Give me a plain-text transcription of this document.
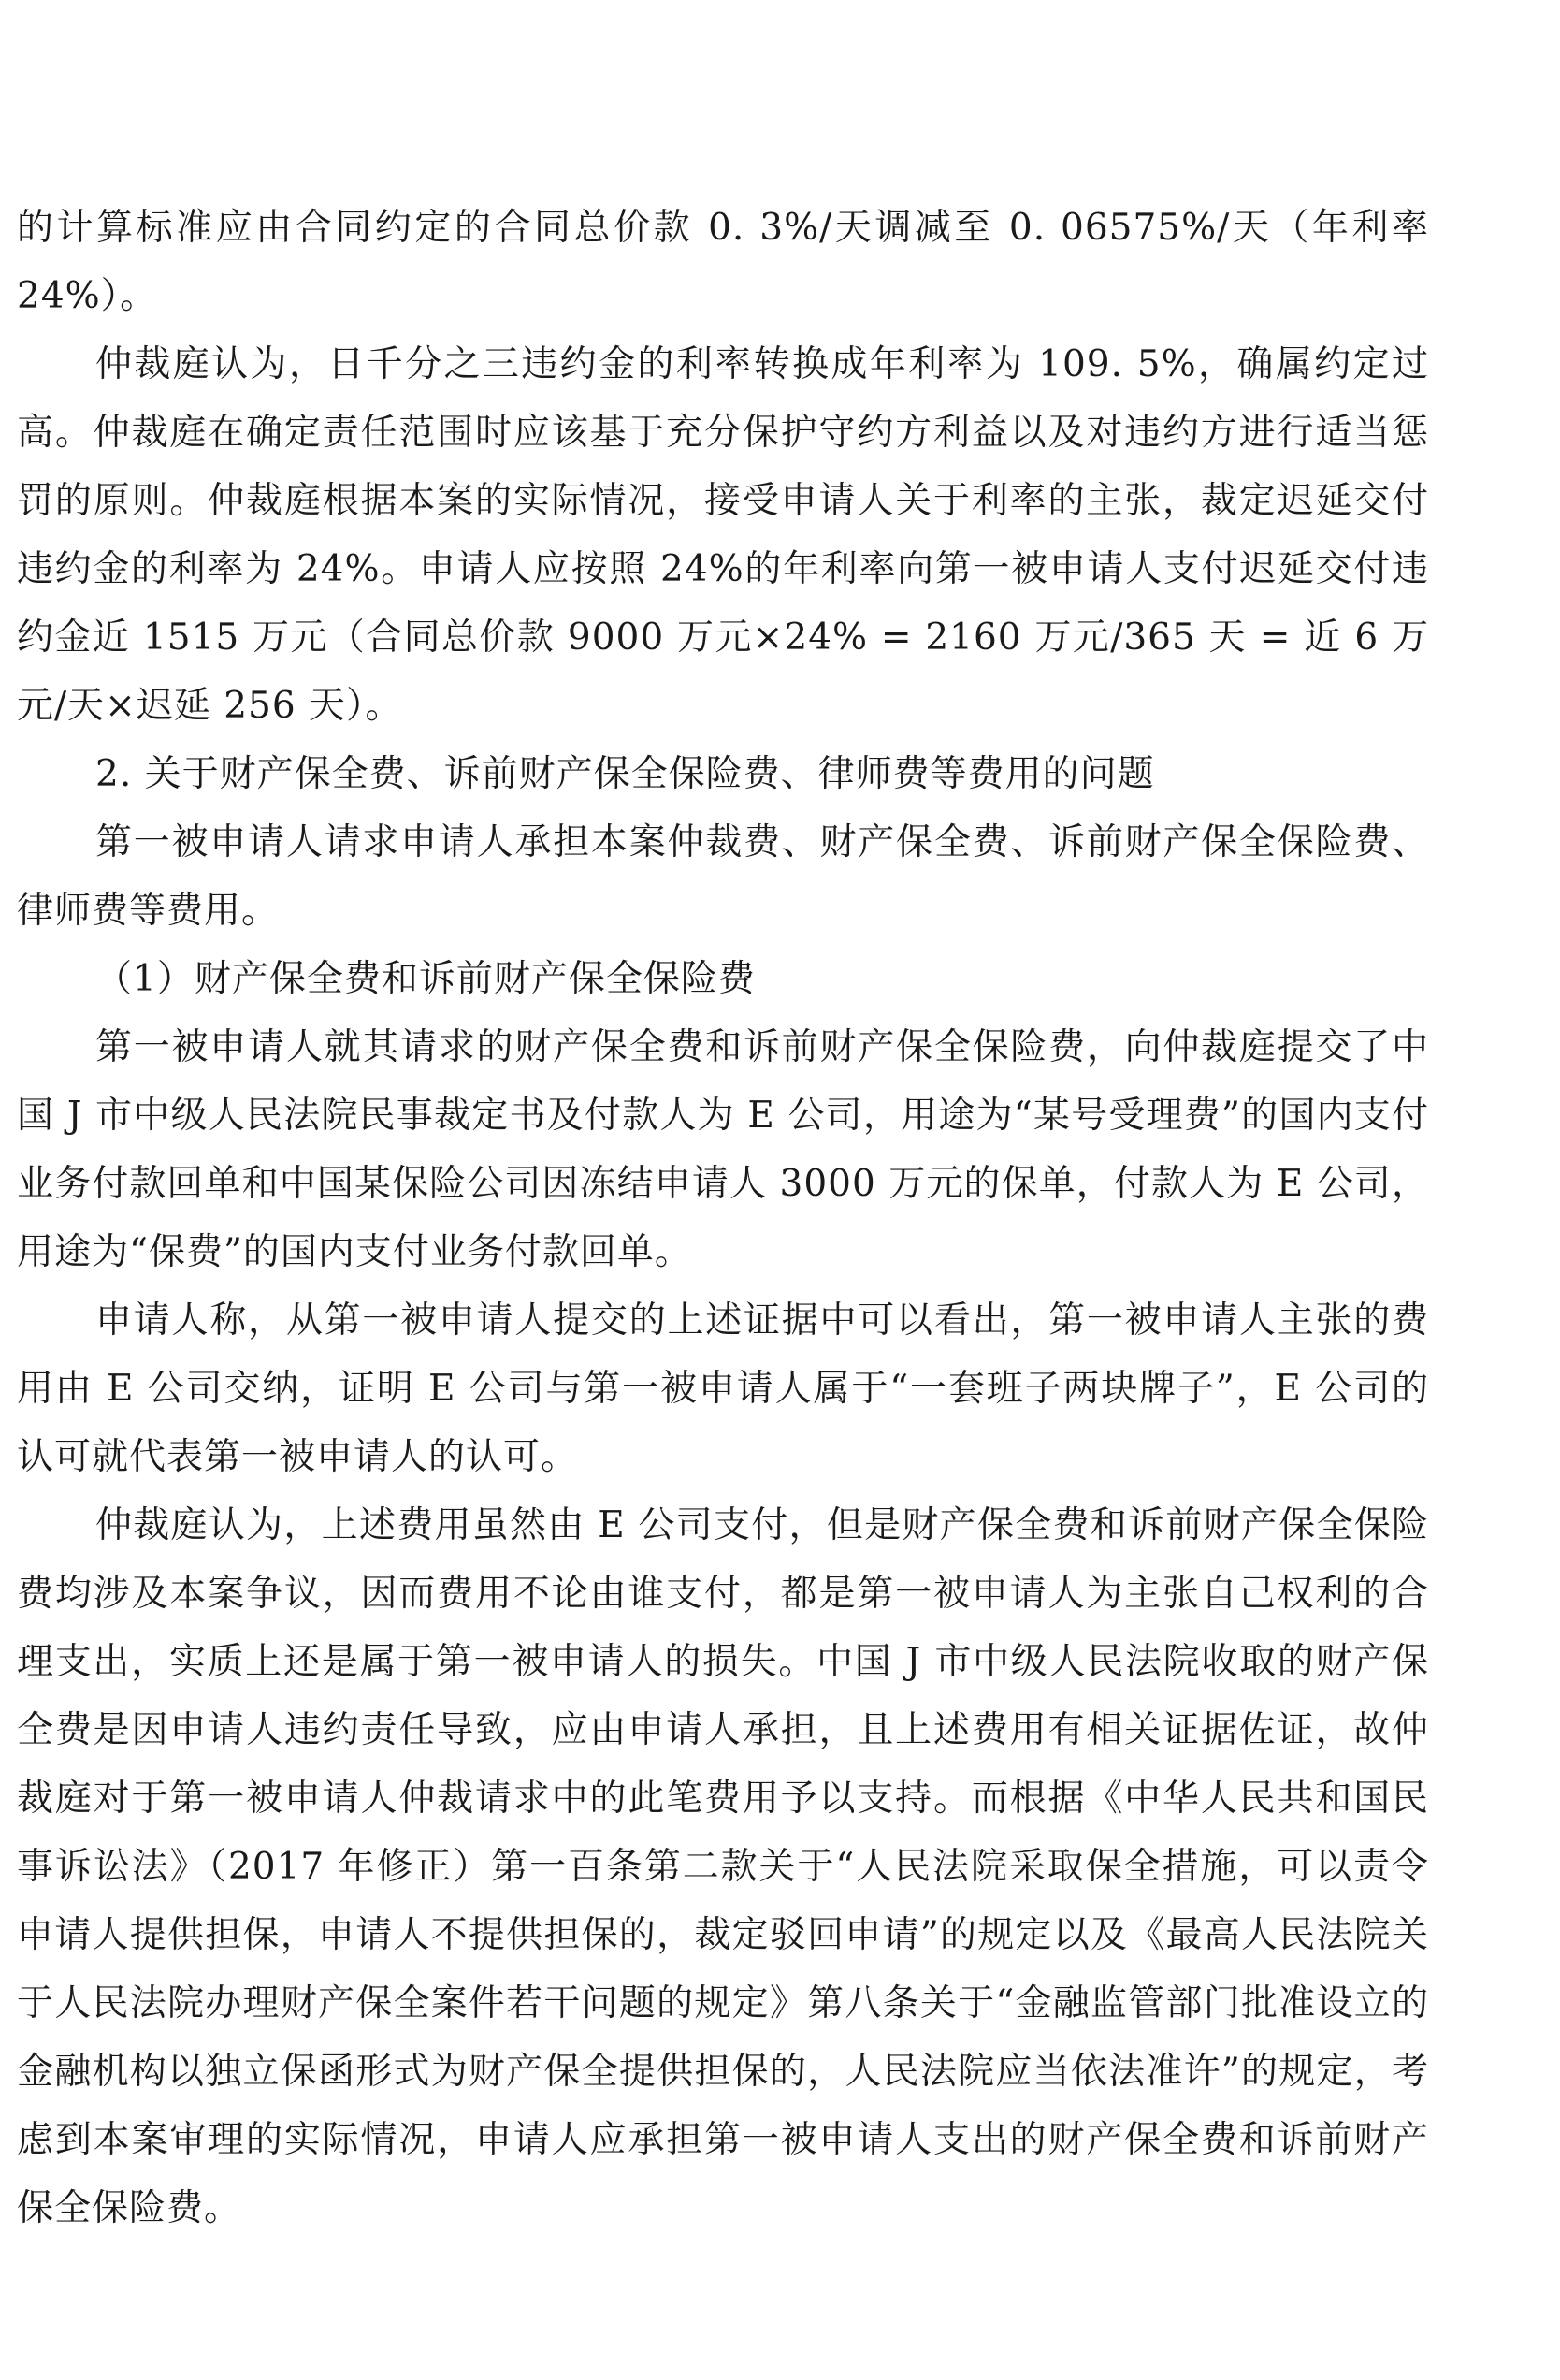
的计算标准应由合同约定的合同总价款 0. 3%/天调减至 0. 06575%/天（年利率 24%）。

仲裁庭认为，日千分之三违约金的利率转换成年利率为 109. 5%，确属约定过高。仲裁庭在确定责任范围时应该基于充分保护守约方利益以及对违约方进行适当惩罚的原则。仲裁庭根据本案的实际情况，接受申请人关于利率的主张，裁定迟延交付违约金的利率为 24%。申请人应按照 24%的年利率向第一被申请人支付迟延交付违约金近 1515 万元（合同总价款 9000 万元×24% = 2160 万元/365 天 = 近 6 万元/天×迟延 256 天）。

2. 关于财产保全费、诉前财产保全保险费、律师费等费用的问题

第一被申请人请求申请人承担本案仲裁费、财产保全费、诉前财产保全保险费、律师费等费用。

（1）财产保全费和诉前财产保全保险费

第一被申请人就其请求的财产保全费和诉前财产保全保险费，向仲裁庭提交了中国 J 市中级人民法院民事裁定书及付款人为 E 公司，用途为“某号受理费”的国内支付业务付款回单和中国某保险公司因冻结申请人 3000 万元的保单，付款人为 E 公司，用途为“保费”的国内支付业务付款回单。

申请人称，从第一被申请人提交的上述证据中可以看出，第一被申请人主张的费用由 E 公司交纳，证明 E 公司与第一被申请人属于“一套班子两块牌子”，E 公司的认可就代表第一被申请人的认可。

仲裁庭认为，上述费用虽然由 E 公司支付，但是财产保全费和诉前财产保全保险费均涉及本案争议，因而费用不论由谁支付，都是第一被申请人为主张自己权利的合理支出，实质上还是属于第一被申请人的损失。中国 J 市中级人民法院收取的财产保全费是因申请人违约责任导致，应由申请人承担，且上述费用有相关证据佐证，故仲裁庭对于第一被申请人仲裁请求中的此笔费用予以支持。而根据《中华人民共和国民事诉讼法》（2017 年修正）第一百条第二款关于“人民法院采取保全措施，可以责令申请人提供担保，申请人不提供担保的，裁定驳回申请”的规定以及《最高人民法院关于人民法院办理财产保全案件若干问题的规定》第八条关于“金融监管部门批准设立的金融机构以独立保函形式为财产保全提供担保的，人民法院应当依法准许”的规定，考虑到本案审理的实际情况，申请人应承担第一被申请人支出的财产保全费和诉前财产保全保险费。
